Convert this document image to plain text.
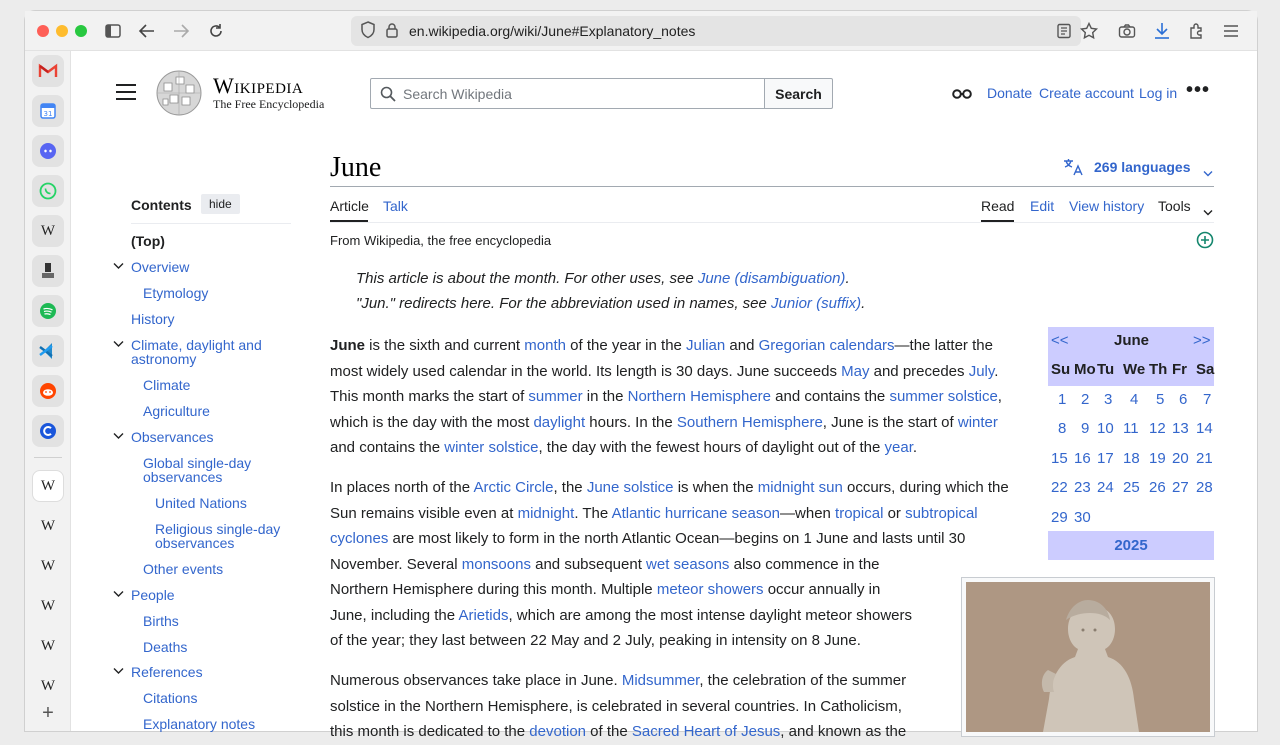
en.wikipedia.org/wiki/June#Explanatory_notes
31
W
W
W
W
W
W
W
+
Wikipedia
The Free Encyclopedia
Search Wikipedia
Search	Donate Create account Log in •••
Contents	hide
(Top)
Overview
Etymology
History
Climate, daylight and
astronomy
Climate
Agriculture
Observances
Global single-day
observances
United Nations
Religious single-day
observances
Other events
People
Births
Deaths
References
Citations
Explanatory notes
June	269 languages
Article Talk	Read Edit View history Tools
From Wikipedia, the free encyclopedia
This article is about the month. For other uses, see June (disambiguation).
"Jun." redirects here. For the abbreviation used in names, see Junior (suffix).
June is the sixth and current month of the year in the Julian and Gregorian calendars—the latter the
most widely used calendar in the world. Its length is 30 days. June succeeds May and precedes July.
This month marks the start of summer in the Northern Hemisphere and contains the summer solstice,
which is the day with the most daylight hours. In the Southern Hemisphere, June is the start of winter
and contains the winter solstice, the day with the fewest hours of daylight out of the year.
In places north of the Arctic Circle, the June solstice is when the midnight sun occurs, during which the
Sun remains visible even at midnight. The Atlantic hurricane season—when tropical or subtropical
cyclones are most likely to form in the north Atlantic Ocean—begins on 1 June and lasts until 30
November. Several monsoons and subsequent wet seasons also commence in the
Northern Hemisphere during this month. Multiple meteor showers occur annually in
June, including the Arietids, which are among the most intense daylight meteor showers
of the year; they last between 22 May and 2 July, peaking in intensity on 8 June.
Numerous observances take place in June. Midsummer, the celebration of the summer
solstice in the Northern Hemisphere, is celebrated in several countries. In Catholicism,
this month is dedicated to the devotion of the Sacred Heart of Jesus, and known as the
<<	June	>>
Su Mo Tu We Th Fr Sa
1 2 3 4 5 6 7
8 9 10 11 12 13 14
15 16 17 18 19 20 21
22 23 24 25 26 27 28
29 30
2025
